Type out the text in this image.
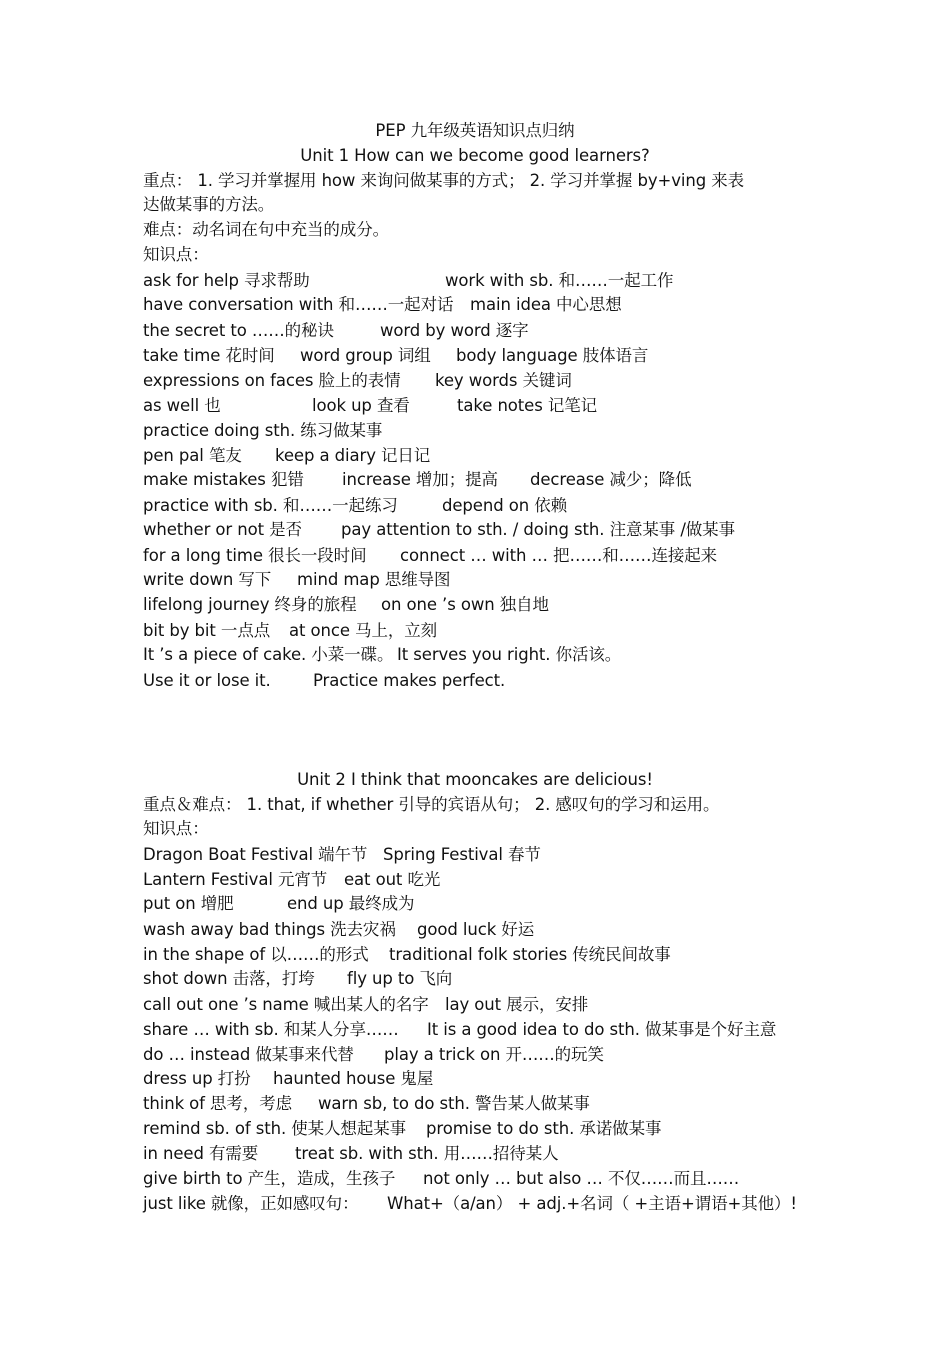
PEP 九年级英语知识点归纳
Unit 1 How can we become good learners?
重点： 1. 学习并掌握用 how 来询问做某事的方式； 2. 学习并掌握 by+ving 来表
达做某事的方法。
难点：动名词在句中充当的成分。
知识点：
ask for help 寻求帮助	work with sb. 和……一起工作
have conversation with 和……一起对话 main idea 中心思想
the secret to ……的秘诀	word by word 逐字
take time 花时间 word group 词组 body language 肢体语言
expressions on faces 脸上的表情 key words 关键词
as well 也	look up 查看	take notes 记笔记
practice doing sth. 练习做某事
pen pal 笔友 keep a diary 记日记
make mistakes 犯错 increase 增加；提高 decrease 减少；降低
practice with sb. 和……一起练习	depend on 依赖
whether or not 是否 pay attention to sth. / doing sth. 注意某事 /做某事
for a long time 很长一段时间 connect … with … 把……和……连接起来
write down 写下 mind map 思维导图
lifelong journey 终身的旅程 on one ’s own 独自地
bit by bit 一点点 at once 马上，立刻
It ’s a piece of cake. 小菜一碟。 It serves you right. 你活该。
Use it or lose it.	Practice makes perfect.
Unit 2 I think that mooncakes are delicious!
重点＆难点： 1. that, if whether 引导的宾语从句； 2. 感叹句的学习和运用。
知识点：
Dragon Boat Festival 端午节 Spring Festival 春节
Lantern Festival 元宵节 eat out 吃光
put on 增肥	end up 最终成为
wash away bad things 洗去灾祸 good luck 好运
in the shape of 以……的形式 traditional folk stories 传统民间故事
shot down 击落，打垮 fly up to 飞向
call out one ’s name 喊出某人的名字 lay out 展示，安排
share … with sb. 和某人分享…… It is a good idea to do sth. 做某事是个好主意
do … instead 做某事来代替 play a trick on 开……的玩笑
dress up 打扮 haunted house 鬼屋
think of 思考，考虑 warn sb, to do sth. 警告某人做某事
remind sb. of sth. 使某人想起某事 promise to do sth. 承诺做某事
in need 有需要 treat sb. with sth. 用……招待某人
give birth to 产生，造成，生孩子 not only … but also … 不仅……而且……
just like 就像，正如感叹句： What+（a/an） + adj.+名词（ +主语+谓语+其他）!
